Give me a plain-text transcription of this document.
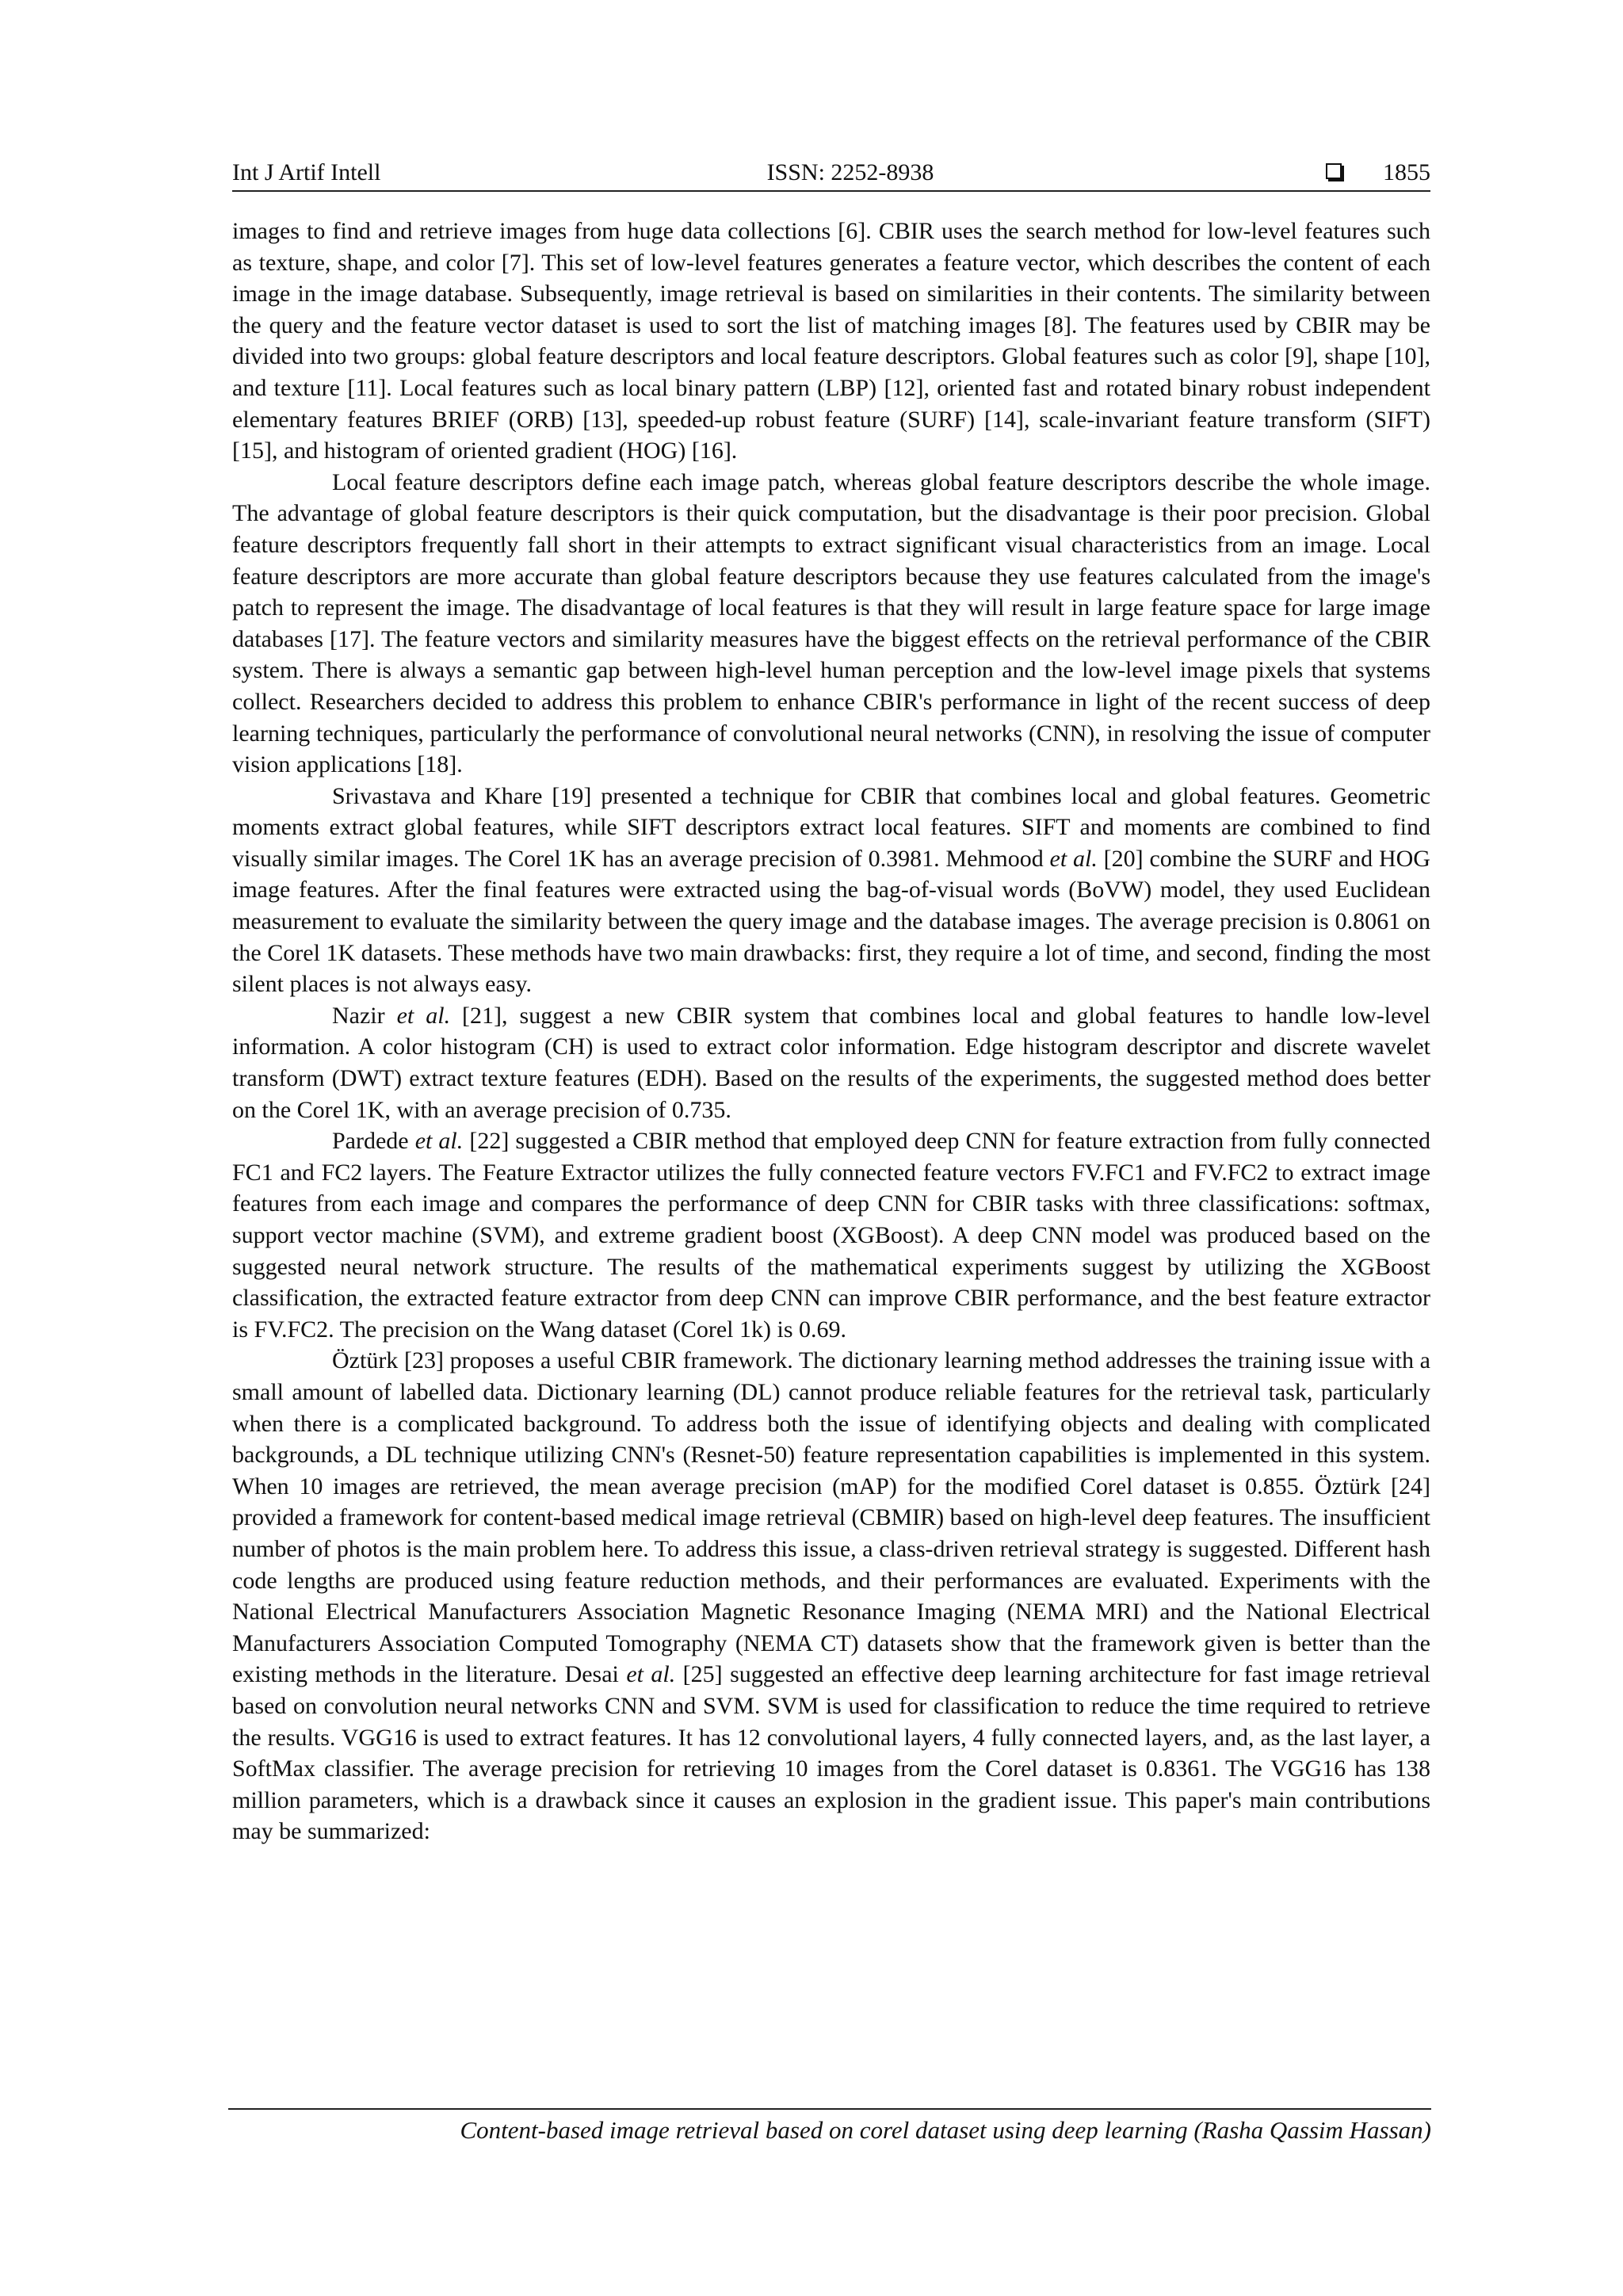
Int J Artif Intell	ISSN: 2252-8938	1855

images to find and retrieve images from huge data collections [6]. CBIR uses the search method for low-level features such as texture, shape, and color [7]. This set of low-level features generates a feature vector, which describes the content of each image in the image database. Subsequently, image retrieval is based on similarities in their contents. The similarity between the query and the feature vector dataset is used to sort the list of matching images [8]. The features used by CBIR may be divided into two groups: global feature descriptors and local feature descriptors. Global features such as color [9], shape [10], and texture [11]. Local features such as local binary pattern (LBP) [12], oriented fast and rotated binary robust independent elementary features BRIEF (ORB) [13], speeded-up robust feature (SURF) [14], scale-invariant feature transform (SIFT) [15], and histogram of oriented gradient (HOG) [16].

Local feature descriptors define each image patch, whereas global feature descriptors describe the whole image. The advantage of global feature descriptors is their quick computation, but the disadvantage is their poor precision. Global feature descriptors frequently fall short in their attempts to extract significant visual characteristics from an image. Local feature descriptors are more accurate than global feature descriptors because they use features calculated from the image's patch to represent the image. The disadvantage of local features is that they will result in large feature space for large image databases [17]. The feature vectors and similarity measures have the biggest effects on the retrieval performance of the CBIR system. There is always a semantic gap between high-level human perception and the low-level image pixels that systems collect. Researchers decided to address this problem to enhance CBIR's performance in light of the recent success of deep learning techniques, particularly the performance of convolutional neural networks (CNN), in resolving the issue of computer vision applications [18].

Srivastava and Khare [19] presented a technique for CBIR that combines local and global features. Geometric moments extract global features, while SIFT descriptors extract local features. SIFT and moments are combined to find visually similar images. The Corel 1K has an average precision of 0.3981. Mehmood et al. [20] combine the SURF and HOG image features. After the final features were extracted using the bag-of-visual words (BoVW) model, they used Euclidean measurement to evaluate the similarity between the query image and the database images. The average precision is 0.8061 on the Corel 1K datasets. These methods have two main drawbacks: first, they require a lot of time, and second, finding the most silent places is not always easy.

Nazir et al. [21], suggest a new CBIR system that combines local and global features to handle low-level information. A color histogram (CH) is used to extract color information. Edge histogram descriptor and discrete wavelet transform (DWT) extract texture features (EDH). Based on the results of the experiments, the suggested method does better on the Corel 1K, with an average precision of 0.735.

Pardede et al. [22] suggested a CBIR method that employed deep CNN for feature extraction from fully connected FC1 and FC2 layers. The Feature Extractor utilizes the fully connected feature vectors FV.FC1 and FV.FC2 to extract image features from each image and compares the performance of deep CNN for CBIR tasks with three classifications: softmax, support vector machine (SVM), and extreme gradient boost (XGBoost). A deep CNN model was produced based on the suggested neural network structure. The results of the mathematical experiments suggest by utilizing the XGBoost classification, the extracted feature extractor from deep CNN can improve CBIR performance, and the best feature extractor is FV.FC2. The precision on the Wang dataset (Corel 1k) is 0.69.

Öztürk [23] proposes a useful CBIR framework. The dictionary learning method addresses the training issue with a small amount of labelled data. Dictionary learning (DL) cannot produce reliable features for the retrieval task, particularly when there is a complicated background. To address both the issue of identifying objects and dealing with complicated backgrounds, a DL technique utilizing CNN's (Resnet-50) feature representation capabilities is implemented in this system. When 10 images are retrieved, the mean average precision (mAP) for the modified Corel dataset is 0.855. Öztürk [24] provided a framework for content-based medical image retrieval (CBMIR) based on high-level deep features. The insufficient number of photos is the main problem here. To address this issue, a class-driven retrieval strategy is suggested. Different hash code lengths are produced using feature reduction methods, and their performances are evaluated. Experiments with the National Electrical Manufacturers Association Magnetic Resonance Imaging (NEMA MRI) and the National Electrical Manufacturers Association Computed Tomography (NEMA CT) datasets show that the framework given is better than the existing methods in the literature. Desai et al. [25] suggested an effective deep learning architecture for fast image retrieval based on convolution neural networks CNN and SVM. SVM is used for classification to reduce the time required to retrieve the results. VGG16 is used to extract features. It has 12 convolutional layers, 4 fully connected layers, and, as the last layer, a SoftMax classifier. The average precision for retrieving 10 images from the Corel dataset is 0.8361. The VGG16 has 138 million parameters, which is a drawback since it causes an explosion in the gradient issue. This paper's main contributions may be summarized:

Content-based image retrieval based on corel dataset using deep learning (Rasha Qassim Hassan)
